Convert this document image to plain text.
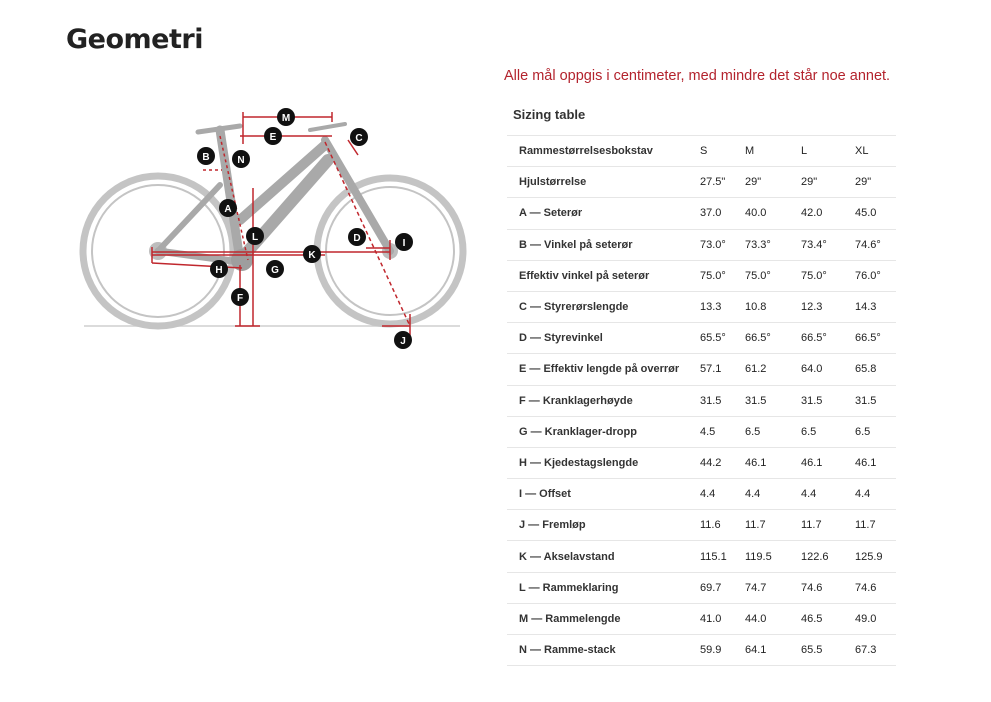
Geometri
M
E	C
B	N
A
L	D	I
K
H	G
F
J
Alle mål oppgis i centimeter, med mindre det står noe annet.
Sizing table
Rammestørrelsesbokstav	S	M	L	XL
Hjulstørrelse	27.5"	29"	29"	29"
A — Seterør	37.0	40.0	42.0	45.0
B — Vinkel på seterør	73.0°	73.3°	73.4°	74.6°
Effektiv vinkel på seterør	75.0°	75.0°	75.0°	76.0°
C — Styrerørslengde	13.3	10.8	12.3	14.3
D — Styrevinkel	65.5°	66.5°	66.5°	66.5°
E — Effektiv lengde på overrør	57.1	61.2	64.0	65.8
F — Kranklagerhøyde	31.5	31.5	31.5	31.5
G — Kranklager-dropp	4.5	6.5	6.5	6.5
H — Kjedestagslengde	44.2	46.1	46.1	46.1
I — Offset	4.4	4.4	4.4	4.4
J — Fremløp	11.6	11.7	11.7	11.7
K — Akselavstand	115.1	119.5	122.6	125.9
L — Rammeklaring	69.7	74.7	74.6	74.6
M — Rammelengde	41.0	44.0	46.5	49.0
N — Ramme-stack	59.9	64.1	65.5	67.3
